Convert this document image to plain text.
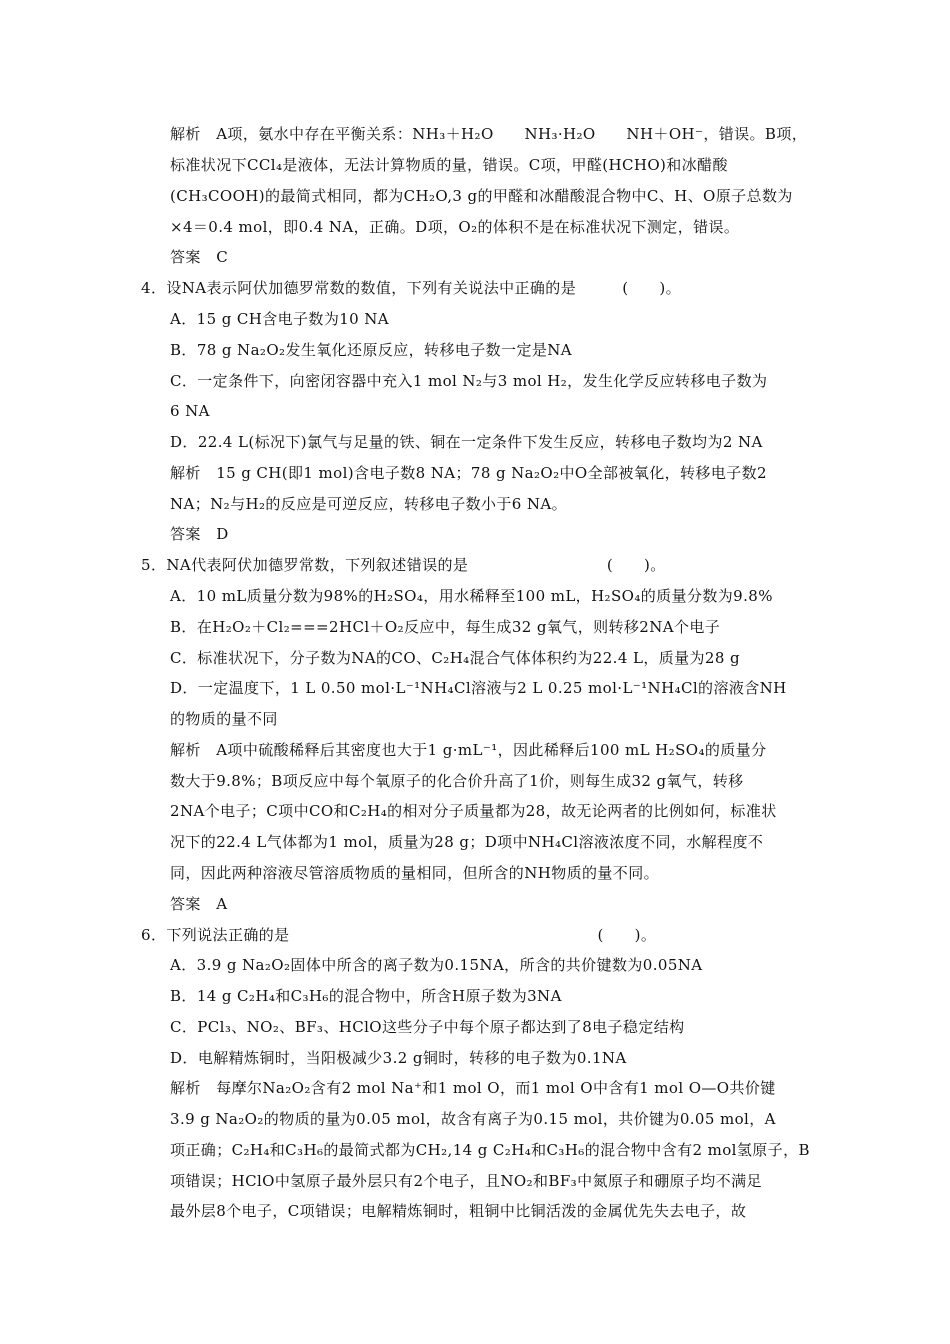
解析　A项，氨水中存在平衡关系：NH₃＋H₂O　　NH₃·H₂O　　NH＋OH⁻，错误。B项，
标准状况下CCl₄是液体，无法计算物质的量，错误。C项，甲醛(HCHO)和冰醋酸
(CH₃COOH)的最简式相同，都为CH₂O,3 g的甲醛和冰醋酸混合物中C、H、O原子总数为
×4＝0.4 mol，即0.4 NA，正确。D项，O₂的体积不是在标准状况下测定，错误。
答案　C
4．设NA表示阿伏加德罗常数的数值，下列有关说法中正确的是　　　(　　)。
A．15 g CH含电子数为10 NA
B．78 g Na₂O₂发生氧化还原反应，转移电子数一定是NA
C．一定条件下，向密闭容器中充入1 mol N₂与3 mol H₂，发生化学反应转移电子数为
6 NA
D．22.4 L(标况下)氯气与足量的铁、铜在一定条件下发生反应，转移电子数均为2 NA
解析　15 g CH(即1 mol)含电子数8 NA；78 g Na₂O₂中O全部被氧化，转移电子数2
NA；N₂与H₂的反应是可逆反应，转移电子数小于6 NA。
答案　D
5．NA代表阿伏加德罗常数，下列叙述错误的是　　　　　　　　　(　　)。
A．10 mL质量分数为98%的H₂SO₄，用水稀释至100 mL，H₂SO₄的质量分数为9.8%
B．在H₂O₂＋Cl₂===2HCl＋O₂反应中，每生成32 g氧气，则转移2NA个电子
C．标准状况下，分子数为NA的CO、C₂H₄混合气体体积约为22.4 L，质量为28 g
D．一定温度下，1 L 0.50 mol·L⁻¹NH₄Cl溶液与2 L 0.25 mol·L⁻¹NH₄Cl的溶液含NH
的物质的量不同
解析　A项中硫酸稀释后其密度也大于1 g·mL⁻¹，因此稀释后100 mL H₂SO₄的质量分
数大于9.8%；B项反应中每个氧原子的化合价升高了1价，则每生成32 g氧气，转移
2NA个电子；C项中CO和C₂H₄的相对分子质量都为28，故无论两者的比例如何，标准状
况下的22.4 L气体都为1 mol，质量为28 g；D项中NH₄Cl溶液浓度不同，水解程度不
同，因此两种溶液尽管溶质物质的量相同，但所含的NH物质的量不同。
答案　A
6．下列说法正确的是　　　　　　　　　　　　　　　　　　　　(　　)。
A．3.9 g Na₂O₂固体中所含的离子数为0.15NA，所含的共价键数为0.05NA
B．14 g C₂H₄和C₃H₆的混合物中，所含H原子数为3NA
C．PCl₃、NO₂、BF₃、HClO这些分子中每个原子都达到了8电子稳定结构
D．电解精炼铜时，当阳极减少3.2 g铜时，转移的电子数为0.1NA
解析　每摩尔Na₂O₂含有2 mol Na⁺和1 mol O，而1 mol O中含有1 mol O—O共价键
3.9 g Na₂O₂的物质的量为0.05 mol，故含有离子为0.15 mol，共价键为0.05 mol，A
项正确；C₂H₄和C₃H₆的最简式都为CH₂,14 g C₂H₄和C₃H₆的混合物中含有2 mol氢原子，B
项错误；HClO中氢原子最外层只有2个电子，且NO₂和BF₃中氮原子和硼原子均不满足
最外层8个电子，C项错误；电解精炼铜时，粗铜中比铜活泼的金属优先失去电子，故
